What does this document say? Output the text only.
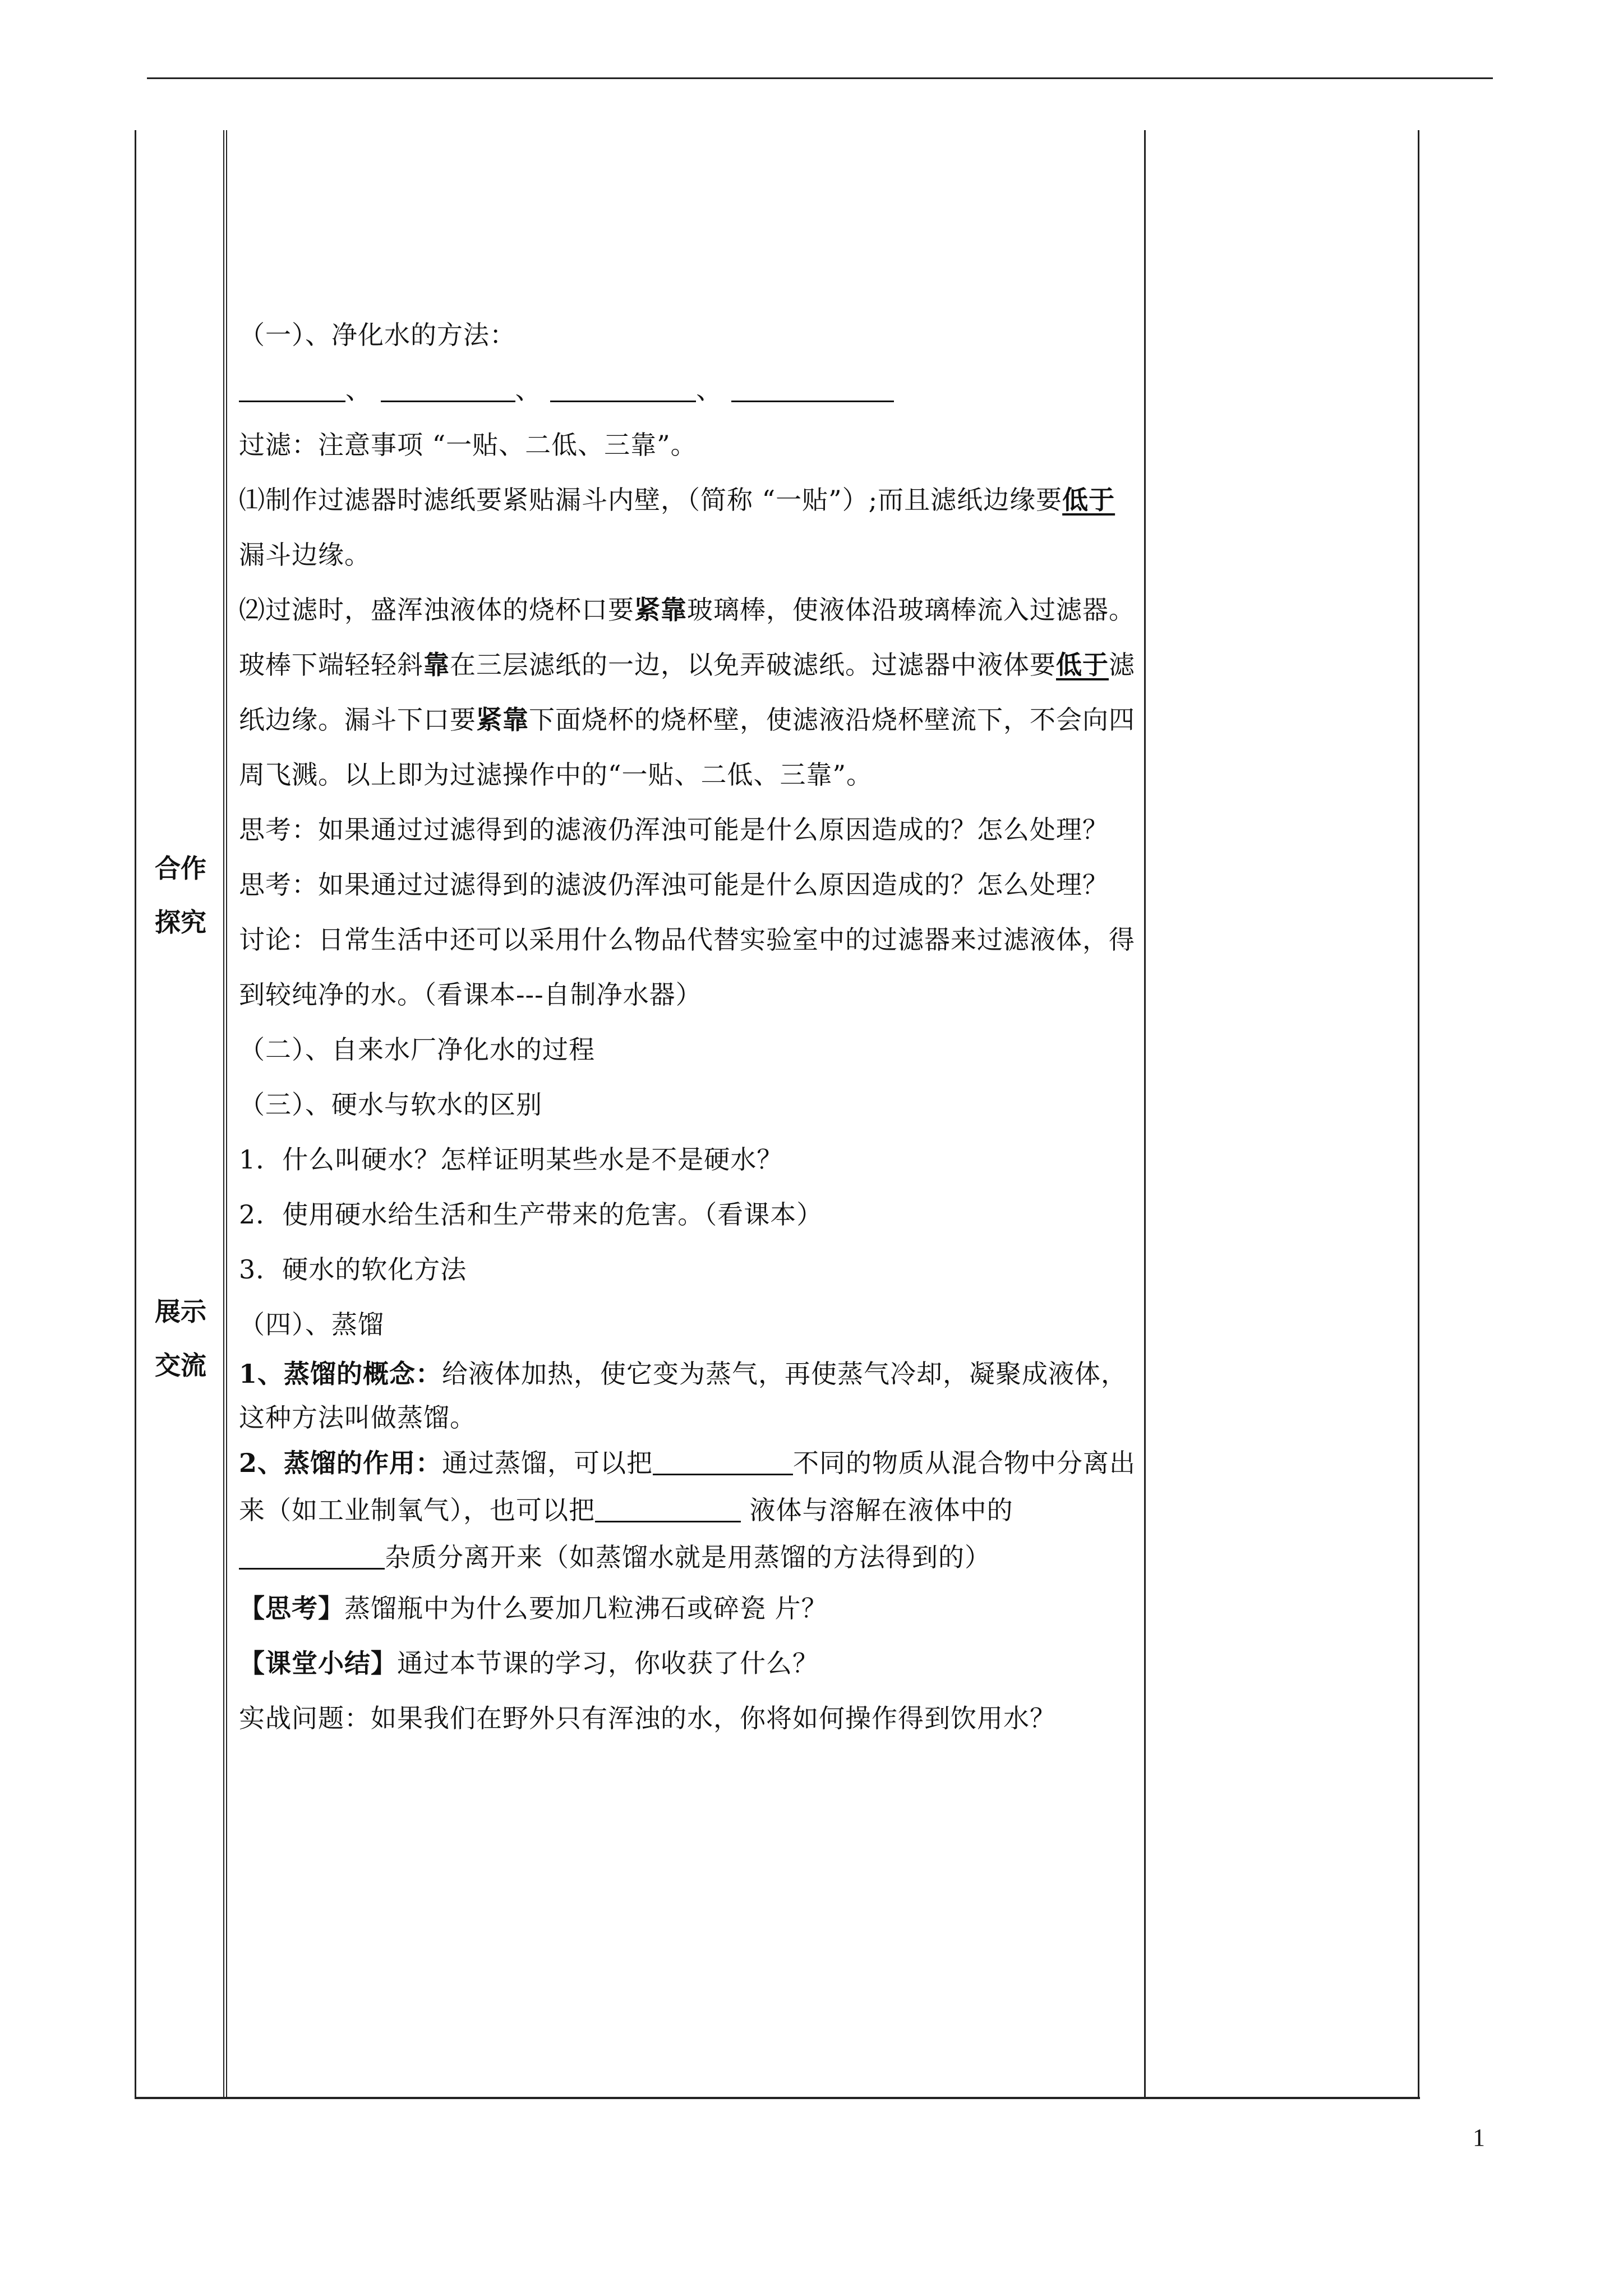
合作
探究
展示
交流

（一）、净化水的方法：

、	、	、

过滤：注意事项 “一贴、二低、三靠”。

⑴制作过滤器时滤纸要紧贴漏斗内壁，（简称 “一贴”）;而且滤纸边缘要低于漏斗边缘。

⑵过滤时，盛浑浊液体的烧杯口要紧靠玻璃棒，使液体沿玻璃棒流入过滤器。玻棒下端轻轻斜靠在三层滤纸的一边，以免弄破滤纸。过滤器中液体要低于滤纸边缘。漏斗下口要紧靠下面烧杯的烧杯壁，使滤液沿烧杯壁流下，不会向四周飞溅。以上即为过滤操作中的“一贴、二低、三靠”。

思考：如果通过过滤得到的滤液仍浑浊可能是什么原因造成的？怎么处理？

思考：如果通过过滤得到的滤波仍浑浊可能是什么原因造成的？怎么处理？

讨论：日常生活中还可以采用什么物品代替实验室中的过滤器来过滤液体，得到较纯净的水。（看课本---自制净水器）

（二）、自来水厂净化水的过程

（三）、硬水与软水的区别

1．什么叫硬水？怎样证明某些水是不是硬水？

2．使用硬水给生活和生产带来的危害。（看课本）

3．硬水的软化方法

（四）、蒸馏

1、蒸馏的概念：给液体加热，使它变为蒸气，再使蒸气冷却，凝聚成液体，这种方法叫做蒸馏。

2、蒸馏的作用：通过蒸馏，可以把	不同的物质从混合物中分离出来（如工业制氧气），也可以把	液体与溶解在液体中的杂质分离开来（如蒸馏水就是用蒸馏的方法得到的）

【思考】蒸馏瓶中为什么要加几粒沸石或碎瓷 片？

【课堂小结】通过本节课的学习，你收获了什么？

实战问题：如果我们在野外只有浑浊的水，你将如何操作得到饮用水？

1
